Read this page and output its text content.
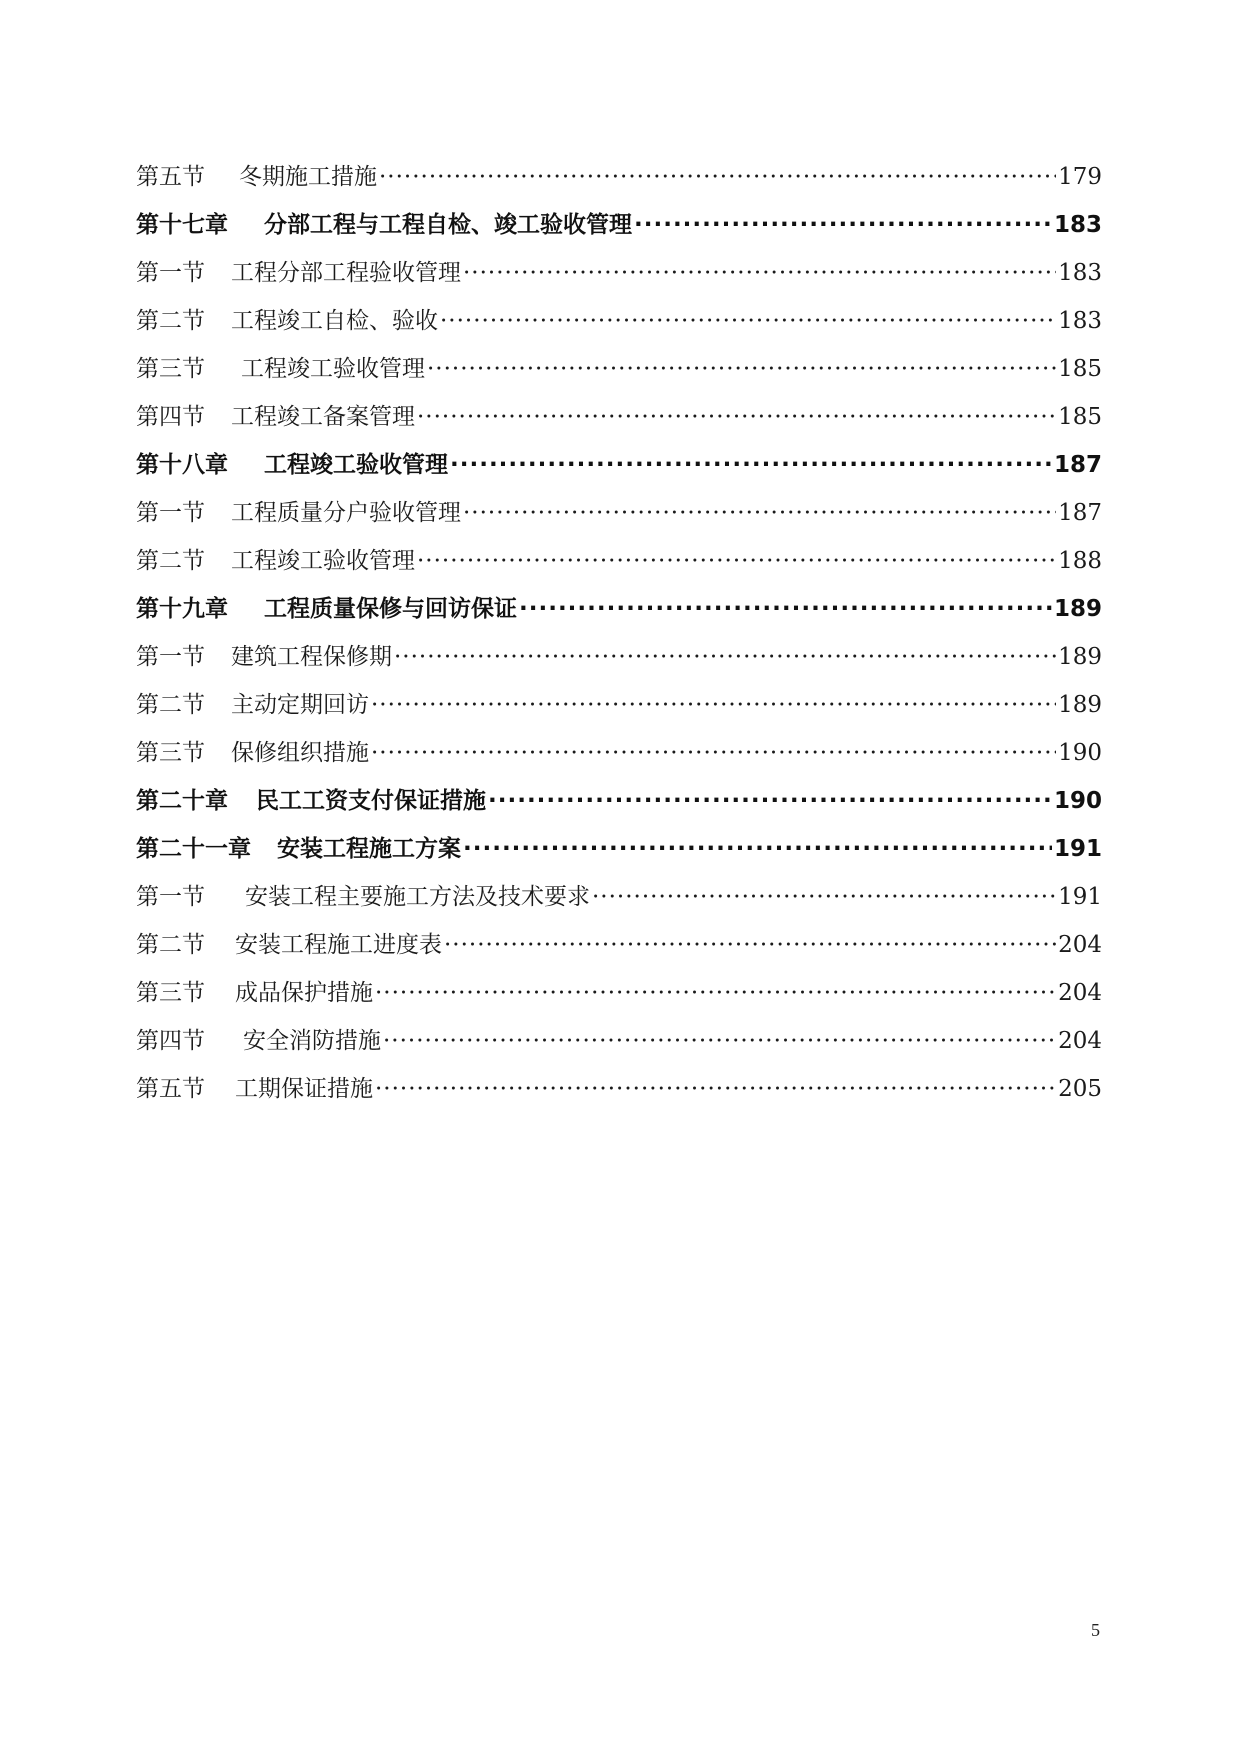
第五节 冬期施工措施 ·····	179
第十七章 分部工程与工程自检、竣工验收管理 ·····	183
第一节 工程分部工程验收管理 ·····	183
第二节 工程竣工自检、验收 ·····	183
第三节 工程竣工验收管理 ·····	185
第四节 工程竣工备案管理 ·····	185
第十八章 工程竣工验收管理 ·····	187
第一节 工程质量分户验收管理 ·····	187
第二节 工程竣工验收管理 ·····	188
第十九章 工程质量保修与回访保证 ·····	189
第一节 建筑工程保修期 ·····	189
第二节 主动定期回访 ·····	189
第三节 保修组织措施 ·····	190
第二十章 民工工资支付保证措施 ·····	190
第二十一章 安装工程施工方案 ·····	191
第一节 安装工程主要施工方法及技术要求 ·····	191
第二节 安装工程施工进度表 ·····	204
第三节 成品保护措施 ·····	204
第四节 安全消防措施 ·····	204
第五节 工期保证措施 ·····	205
5
